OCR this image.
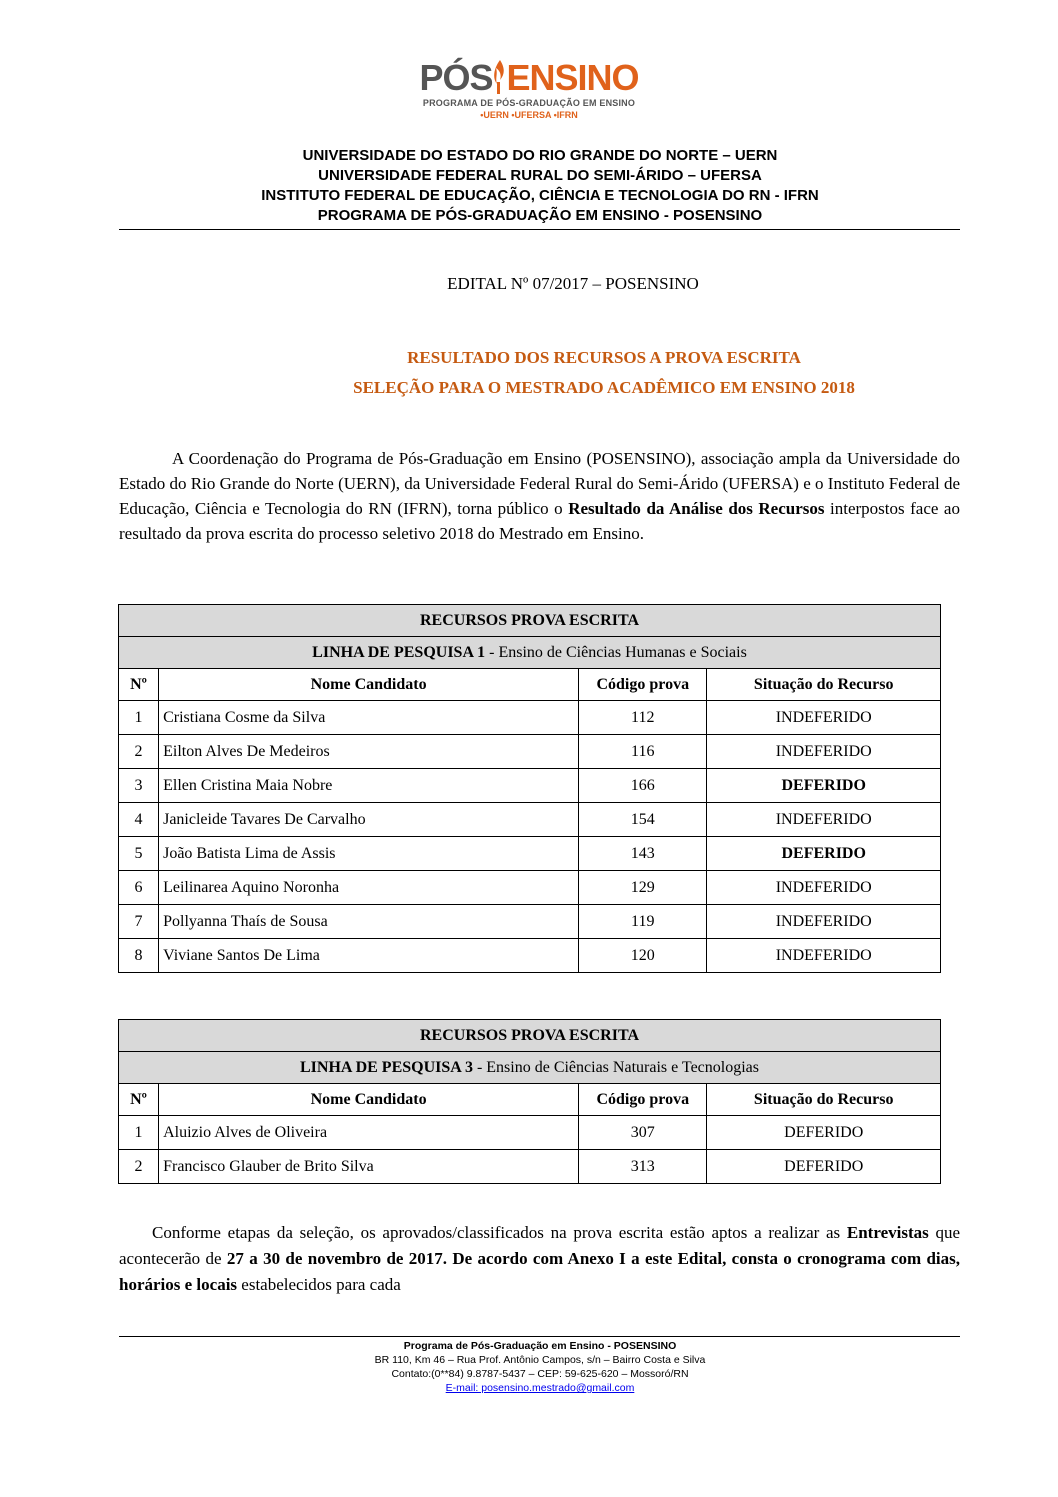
PÓS ENSINO
PROGRAMA DE PÓS-GRADUAÇÃO EM ENSINO
•UERN •UFERSA •IFRN
UNIVERSIDADE DO ESTADO DO RIO GRANDE DO NORTE – UERN
UNIVERSIDADE FEDERAL RURAL DO SEMI-ÁRIDO – UFERSA
INSTITUTO FEDERAL DE EDUCAÇÃO, CIÊNCIA E TECNOLOGIA DO RN - IFRN
PROGRAMA DE PÓS-GRADUAÇÃO EM ENSINO - POSENSINO
EDITAL Nº 07/2017 – POSENSINO
RESULTADO DOS RECURSOS A PROVA ESCRITA
SELEÇÃO PARA O MESTRADO ACADÊMICO EM ENSINO 2018
A Coordenação do Programa de Pós-Graduação em Ensino (POSENSINO), associação ampla da Universidade do Estado do Rio Grande do Norte (UERN), da Universidade Federal Rural do Semi-Árido (UFERSA) e o Instituto Federal de Educação, Ciência e Tecnologia do RN (IFRN), torna público o Resultado da Análise dos Recursos interpostos face ao resultado da prova escrita do processo seletivo 2018 do Mestrado em Ensino.
RECURSOS PROVA ESCRITA			
LINHA DE PESQUISA 1 - Ensino de Ciências Humanas e Sociais			
Nº	Nome Candidato	Código prova	Situação do Recurso
1	Cristiana Cosme da Silva	112	INDEFERIDO
2	Eilton Alves De Medeiros	116	INDEFERIDO
3	Ellen Cristina Maia Nobre	166	DEFERIDO
4	Janicleide Tavares De Carvalho	154	INDEFERIDO
5	João Batista Lima de Assis	143	DEFERIDO
6	Leilinarea Aquino Noronha	129	INDEFERIDO
7	Pollyanna Thaís de Sousa	119	INDEFERIDO
8	Viviane Santos De Lima	120	INDEFERIDO
RECURSOS PROVA ESCRITA			
LINHA DE PESQUISA 3 - Ensino de Ciências Naturais e Tecnologias			
Nº	Nome Candidato	Código prova	Situação do Recurso
1	Aluizio Alves de Oliveira	307	DEFERIDO
2	Francisco Glauber de Brito Silva	313	DEFERIDO
Conforme etapas da seleção, os aprovados/classificados na prova escrita estão aptos a realizar as Entrevistas que acontecerão de 27 a 30 de novembro de 2017. De acordo com Anexo I a este Edital, consta o cronograma com dias, horários e locais estabelecidos para cada
Programa de Pós-Graduação em Ensino - POSENSINO
BR 110, Km 46 – Rua Prof. Antônio Campos, s/n – Bairro Costa e Silva
Contato:(0**84) 9.8787-5437 – CEP: 59-625-620 – Mossoró/RN
E-mail: posensino.mestrado@gmail.com
